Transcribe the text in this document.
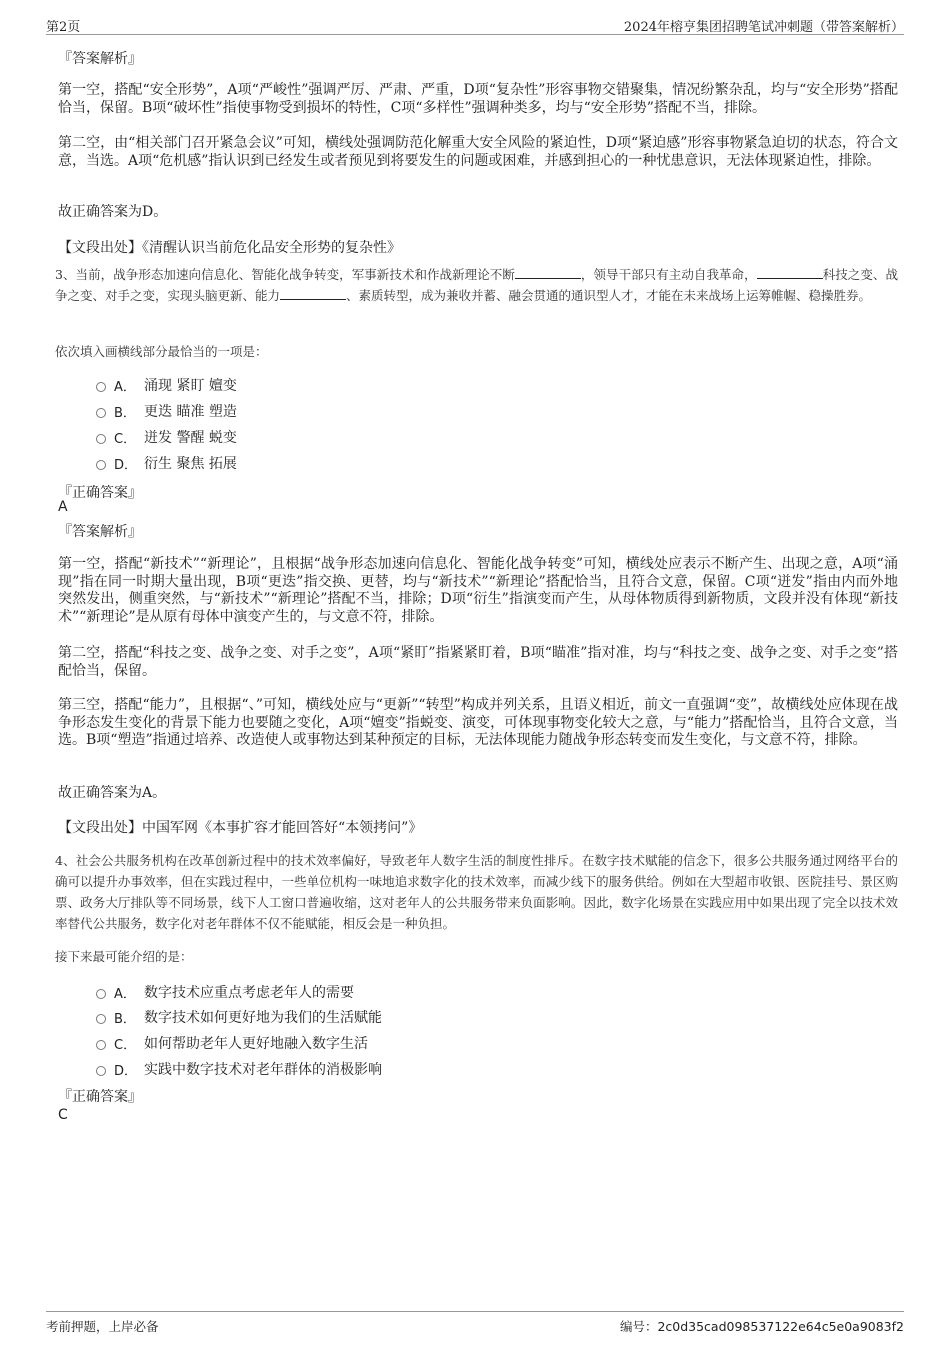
第2页	2024年榕亨集团招聘笔试冲刺题（带答案解析）
『答案解析』
第一空，搭配“安全形势”，A项“严峻性”强调严厉、严肃、严重，D项“复杂性”形容事物交错聚集，情况纷繁杂乱，均与“安全形势”搭配恰当，保留。B项“破坏性”指使事物受到损坏的特性，C项“多样性”强调种类多，均与“安全形势”搭配不当，排除。
第二空，由“相关部门召开紧急会议”可知，横线处强调防范化解重大安全风险的紧迫性，D项“紧迫感”形容事物紧急迫切的状态，符合文意，当选。A项“危机感”指认识到已经发生或者预见到将要发生的问题或困难，并感到担心的一种忧患意识，无法体现紧迫性，排除。
故正确答案为D。
【文段出处】《清醒认识当前危化品安全形势的复杂性》
3、当前，战争形态加速向信息化、智能化战争转变，军事新技术和作战新理论不断	，领导干部只有主动自我革命，	科技之变、战争之变、对手之变，实现头脑更新、能力	、素质转型，成为兼收并蓄、融会贯通的通识型人才，才能在未来战场上运筹帷幄、稳操胜券。
依次填入画横线部分最恰当的一项是：
A． 涌现 紧盯 嬗变
B． 更迭 瞄准 塑造
C． 迸发 警醒 蜕变
D． 衍生 聚焦 拓展
『正确答案』
A
『答案解析』
第一空，搭配“新技术”“新理论”，且根据“战争形态加速向信息化、智能化战争转变”可知，横线处应表示不断产生、出现之意，A项“涌现”指在同一时期大量出现，B项“更迭”指交换、更替，均与“新技术”“新理论”搭配恰当，且符合文意，保留。C项“迸发”指由内而外地突然发出，侧重突然，与“新技术”“新理论”搭配不当，排除；D项“衍生”指演变而产生，从母体物质得到新物质，文段并没有体现“新技术”“新理论”是从原有母体中演变产生的，与文意不符，排除。
第二空，搭配“科技之变、战争之变、对手之变”，A项“紧盯”指紧紧盯着，B项“瞄准”指对准，均与“科技之变、战争之变、对手之变”搭配恰当，保留。
第三空，搭配“能力”，且根据“、”可知，横线处应与“更新”“转型”构成并列关系，且语义相近，前文一直强调“变”，故横线处应体现在战争形态发生变化的背景下能力也要随之变化，A项“嬗变”指蜕变、演变，可体现事物变化较大之意，与“能力”搭配恰当，且符合文意，当选。B项“塑造”指通过培养、改造使人或事物达到某种预定的目标，无法体现能力随战争形态转变而发生变化，与文意不符，排除。
故正确答案为A。
【文段出处】中国军网《本事扩容才能回答好“本领拷问”》
4、社会公共服务机构在改革创新过程中的技术效率偏好，导致老年人数字生活的制度性排斥。在数字技术赋能的信念下，很多公共服务通过网络平台的确可以提升办事效率，但在实践过程中，一些单位机构一味地追求数字化的技术效率，而减少线下的服务供给。例如在大型超市收银、医院挂号、景区购票、政务大厅排队等不同场景，线下人工窗口普遍收缩，这对老年人的公共服务带来负面影响。因此，数字化场景在实践应用中如果出现了完全以技术效率替代公共服务，数字化对老年群体不仅不能赋能，相反会是一种负担。
接下来最可能介绍的是：
A． 数字技术应重点考虑老年人的需要
B． 数字技术如何更好地为我们的生活赋能
C． 如何帮助老年人更好地融入数字生活
D． 实践中数字技术对老年群体的消极影响
『正确答案』
C
考前押题，上岸必备	编号：2c0d35cad098537122e64c5e0a9083f2
